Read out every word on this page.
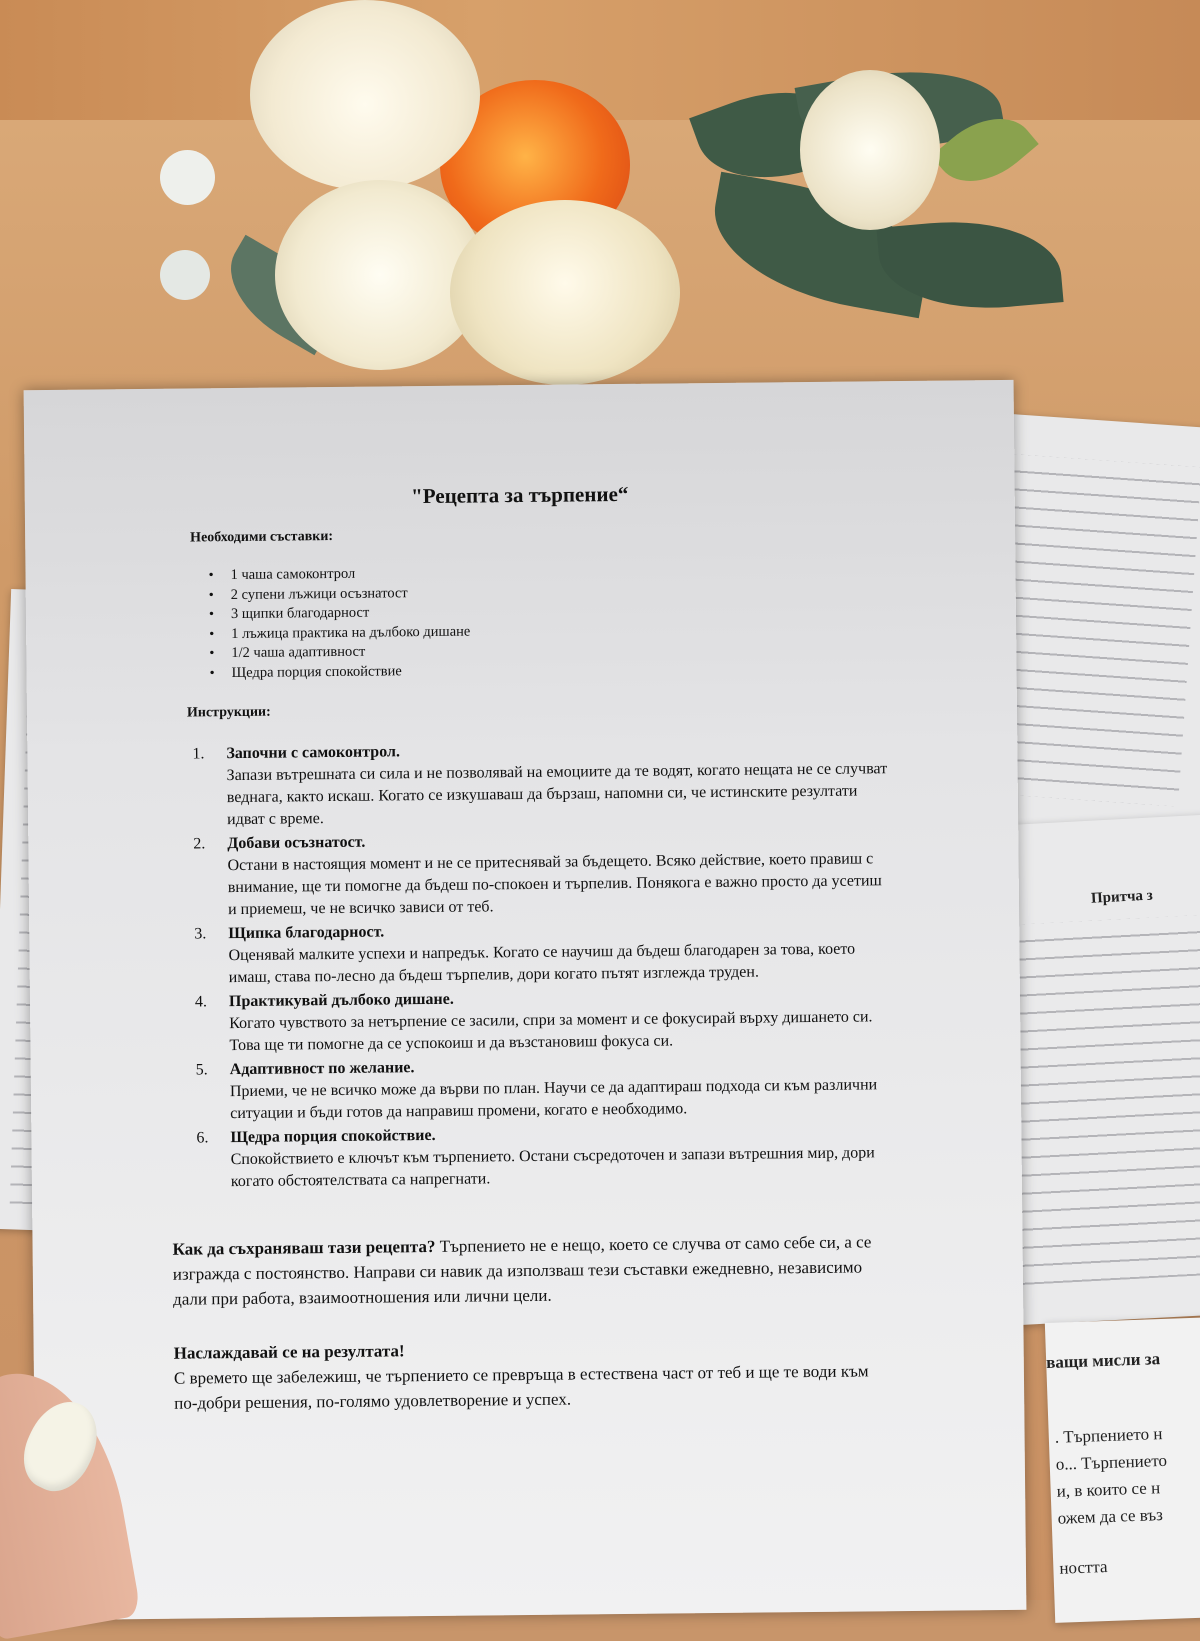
Притча з
ващи мисли за
. Търпението н
о... Търпението
и, в които се н
ожем да се въз
ността
"Рецепта за търпение“
Необходими съставки:
• 1 чаша самоконтрол
• 2 супени лъжици осъзнатост
• 3 щипки благодарност
• 1 лъжица практика на дълбоко дишане
• 1/2 чаша адаптивност
• Щедра порция спокойствие
Инструкции:
1. Започни с самоконтрол.
Запази вътрешната си сила и не позволявай на емоциите да те водят, когато нещата не се случват веднага, както искаш. Когато се изкушаваш да бързаш, напомни си, че истинските резултати идват с време.
2. Добави осъзнатост.
Остани в настоящия момент и не се притеснявай за бъдещето. Всяко действие, което правиш с внимание, ще ти помогне да бъдеш по-спокоен и търпелив. Понякога е важно просто да усетиш и приемеш, че не всичко зависи от теб.
3. Щипка благодарност.
Оценявай малките успехи и напредък. Когато се научиш да бъдеш благодарен за това, което имаш, става по-лесно да бъдеш търпелив, дори когато пътят изглежда труден.
4. Практикувай дълбоко дишане.
Когато чувството за нетърпение се засили, спри за момент и се фокусирай върху дишането си. Това ще ти помогне да се успокоиш и да възстановиш фокуса си.
5. Адаптивност по желание.
Приеми, че не всичко може да върви по план. Научи се да адаптираш подхода си към различни ситуации и бъди готов да направиш промени, когато е необходимо.
6. Щедра порция спокойствие.
Спокойствието е ключът към търпението. Остани съсредоточен и запази вътрешния мир, дори когато обстоятелствата са напрегнати.
Как да съхраняваш тази рецепта? Търпението не е нещо, което се случва от само себе си, а се изгражда с постоянство. Направи си навик да използваш тези съставки ежедневно, независимо дали при работа, взаимоотношения или лични цели.
Наслаждавай се на резултата!
С времето ще забележиш, че търпението се превръща в естествена част от теб и ще те води към по-добри решения, по-голямо удовлетворение и успех.
